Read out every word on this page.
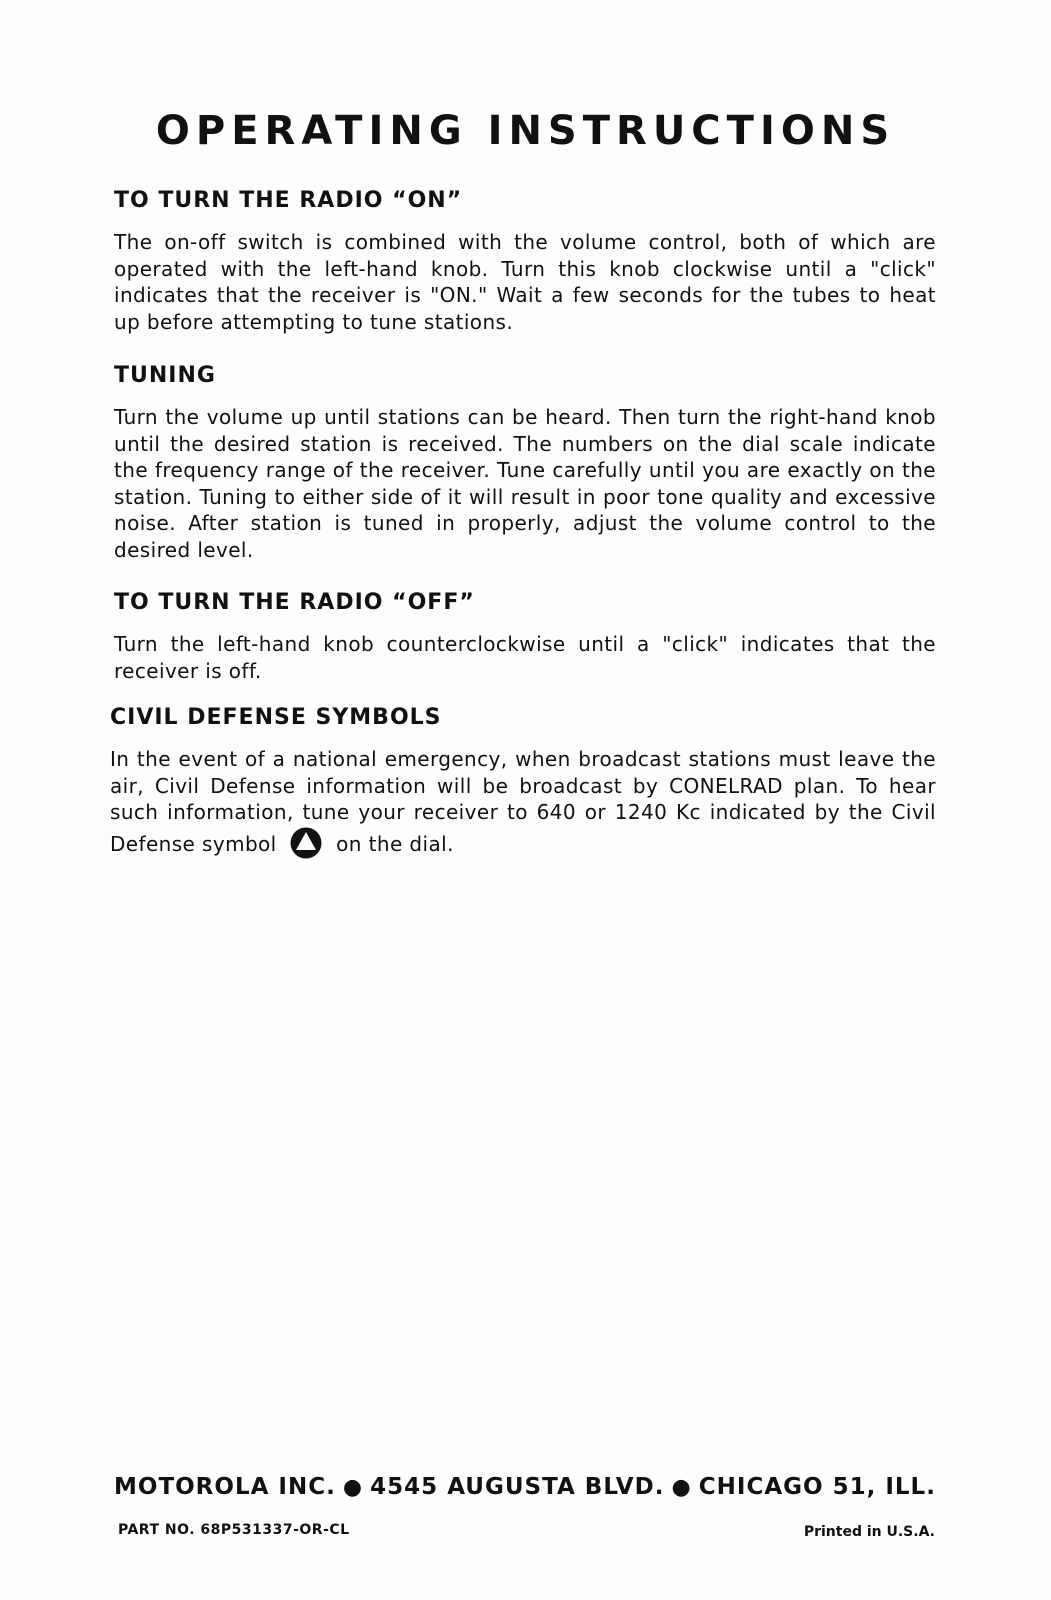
OPERATING INSTRUCTIONS
TO TURN THE RADIO “ON”

The on-off switch is combined with the volume control, both of which are operated with the left-hand knob. Turn this knob clockwise until a "click" indicates that the receiver is "ON." Wait a few seconds for the tubes to heat up before attempting to tune stations.

TUNING

Turn the volume up until stations can be heard. Then turn the right-hand knob until the desired station is received. The numbers on the dial scale indicate the frequency range of the receiver. Tune carefully until you are exactly on the station. Tuning to either side of it will result in poor tone quality and excessive noise. After station is tuned in properly, adjust the volume control to the desired level.

TO TURN THE RADIO “OFF”

Turn the left-hand knob counterclockwise until a "click" indicates that the receiver is off.

CIVIL DEFENSE SYMBOLS

In the event of a national emergency, when broadcast stations must leave the air, Civil Defense information will be broadcast by CONELRAD plan. To hear such information, tune your receiver to 640 or 1240 Kc indicated by the Civil Defense symbol	on the dial.

MOTOROLA INC. ● 4545 AUGUSTA BLVD. ● CHICAGO 51, ILL.
PART NO. 68P531337-OR-CL	Printed in U.S.A.
